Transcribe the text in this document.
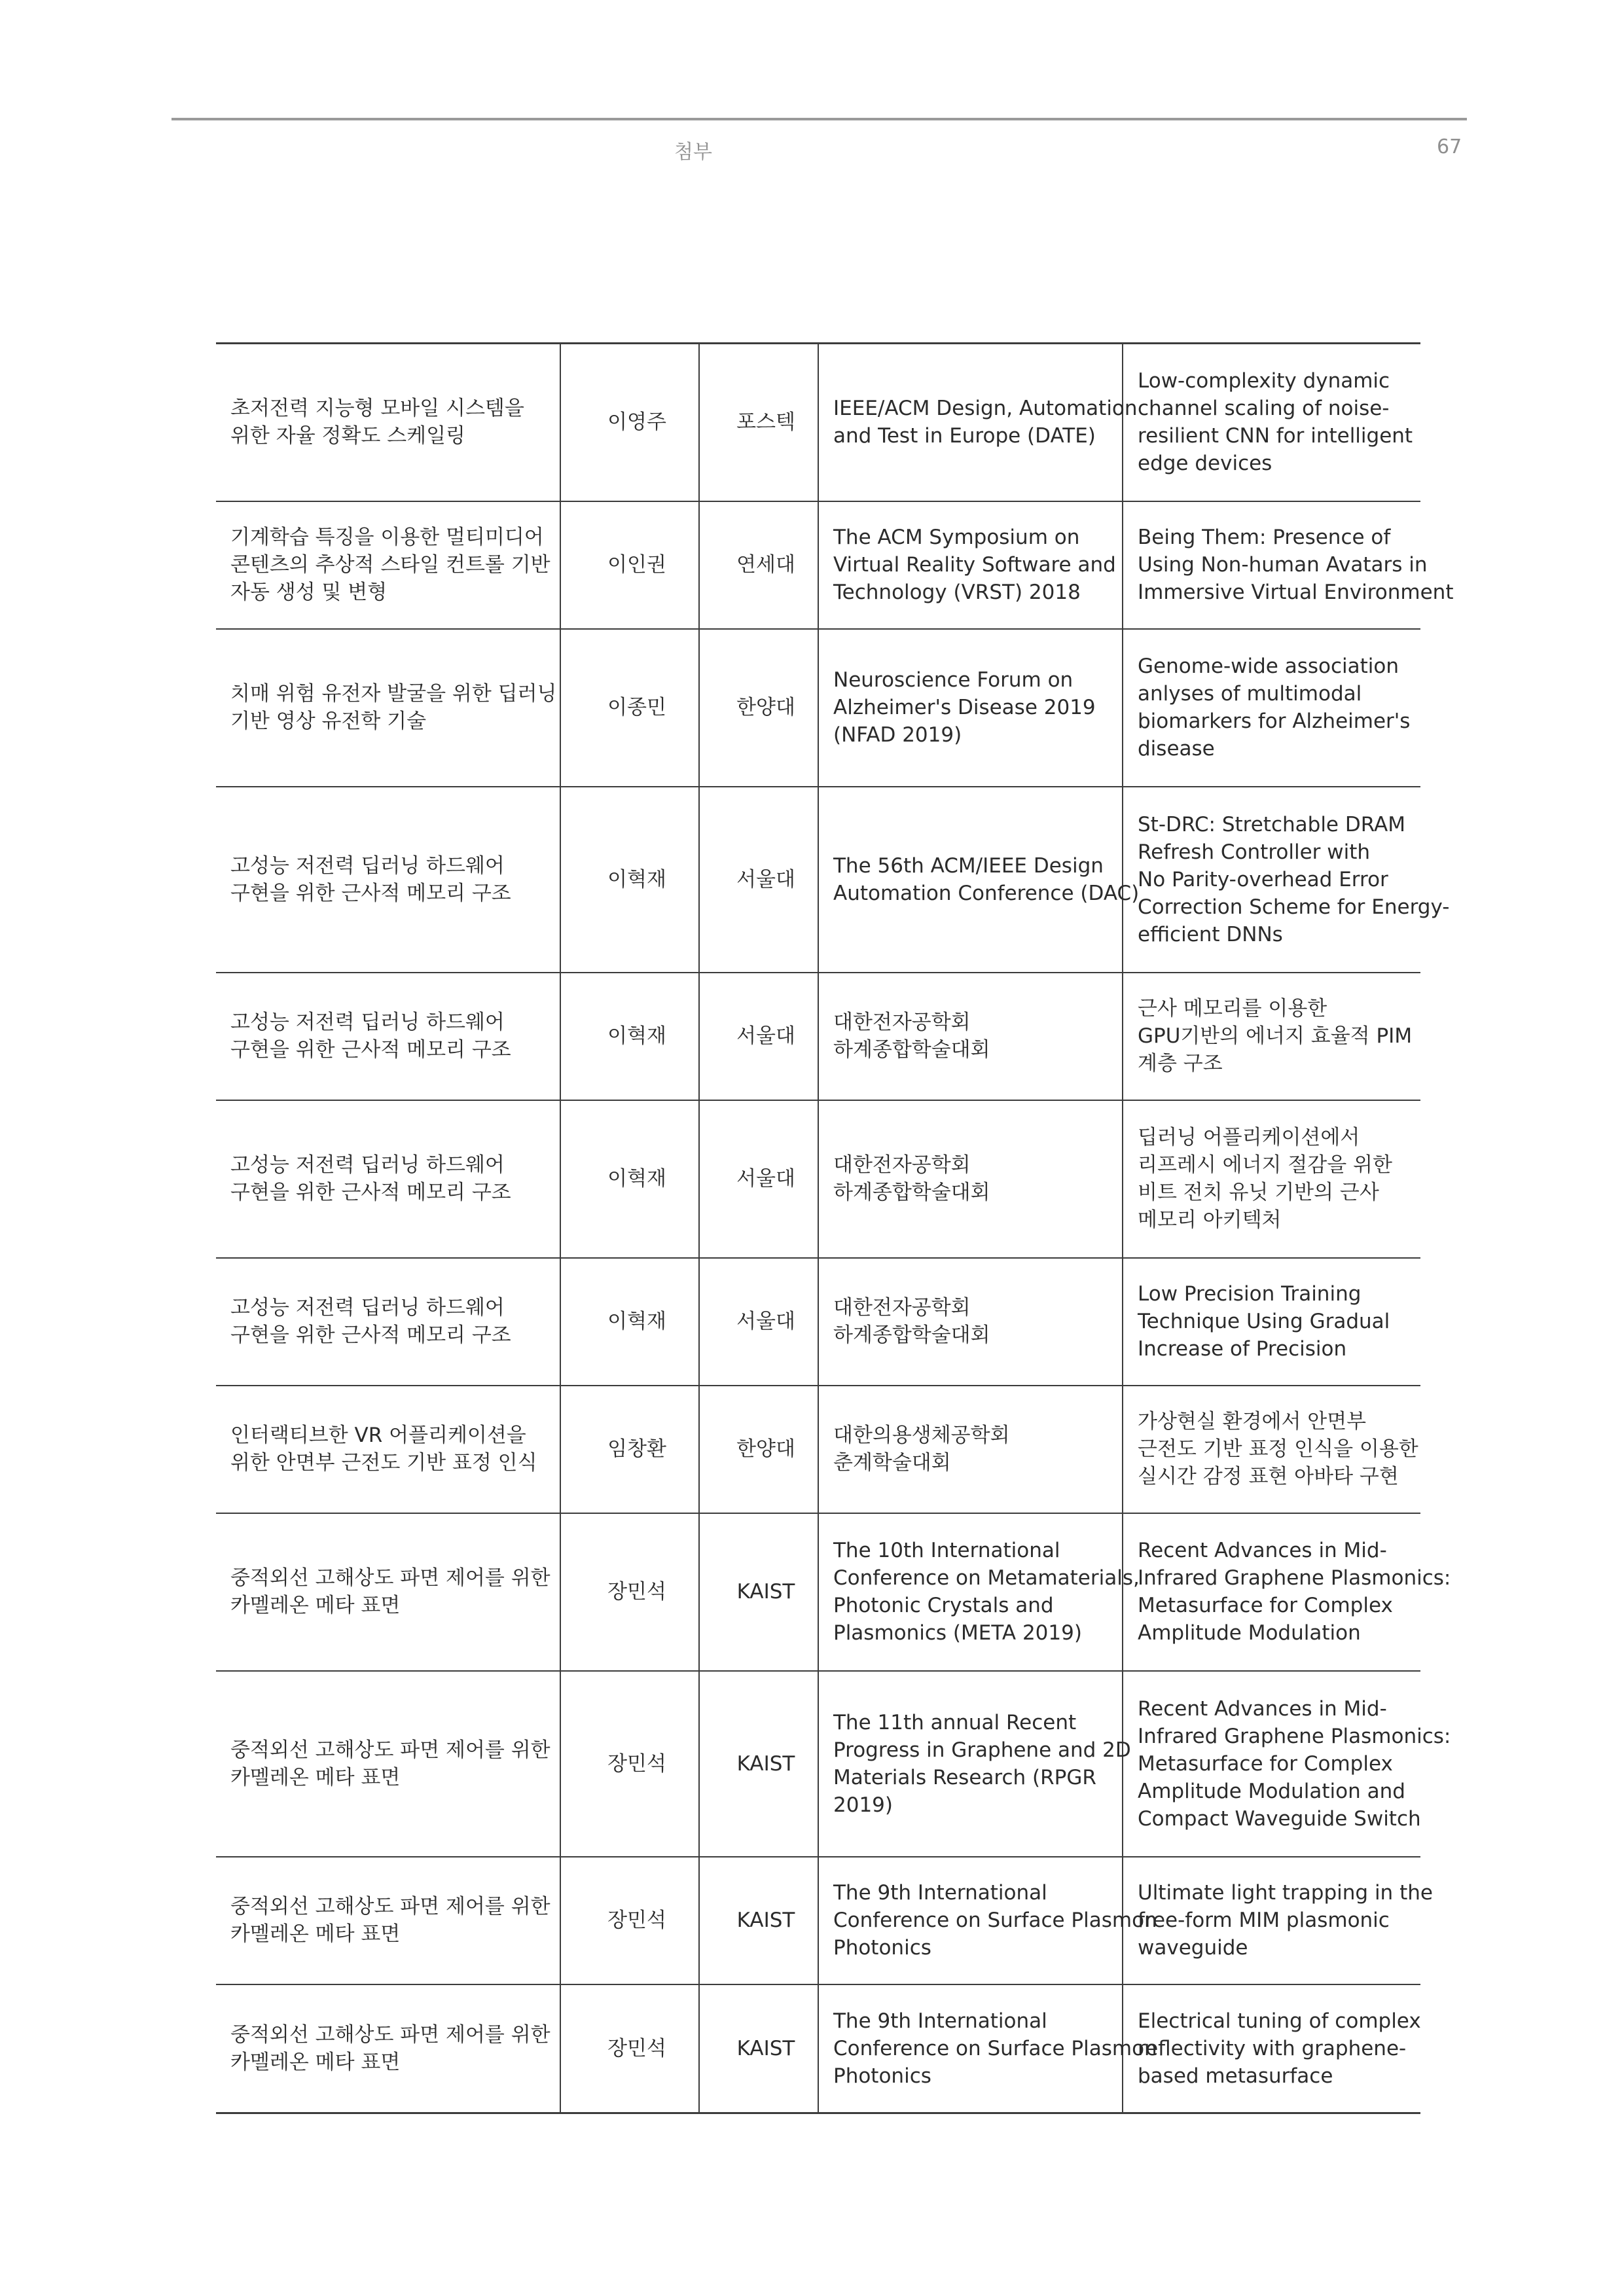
첨부	67
초저전력 지능형 모바일 시스템을
위한 자율 정확도 스케일링	이영주	포스텍	IEEE/ACM Design, Automation
and Test in Europe (DATE)	Low-complexity dynamic
channel scaling of noise-
resilient CNN for intelligent
edge devices

기계학습 특징을 이용한 멀티미디어
콘텐츠의 추상적 스타일 컨트롤 기반
자동 생성 및 변형	이인권	연세대	The ACM Symposium on
Virtual Reality Software and
Technology (VRST) 2018	Being Them: Presence of
Using Non-human Avatars in
Immersive Virtual Environment

치매 위험 유전자 발굴을 위한 딥러닝
기반 영상 유전학 기술	이종민	한양대	Neuroscience Forum on
Alzheimer's Disease 2019
(NFAD 2019)	Genome-wide association
anlyses of multimodal
biomarkers for Alzheimer's
disease

고성능 저전력 딥러닝 하드웨어
구현을 위한 근사적 메모리 구조	이혁재	서울대	The 56th ACM/IEEE Design
Automation Conference (DAC)	St-DRC: Stretchable DRAM
Refresh Controller with
No Parity-overhead Error
Correction Scheme for Energy-
efficient DNNs

고성능 저전력 딥러닝 하드웨어
구현을 위한 근사적 메모리 구조	이혁재	서울대	대한전자공학회
하계종합학술대회	근사 메모리를 이용한
GPU기반의 에너지 효율적 PIM
계층 구조

고성능 저전력 딥러닝 하드웨어
구현을 위한 근사적 메모리 구조	이혁재	서울대	대한전자공학회
하계종합학술대회	딥러닝 어플리케이션에서
리프레시 에너지 절감을 위한
비트 전치 유닛 기반의 근사
메모리 아키텍처

고성능 저전력 딥러닝 하드웨어
구현을 위한 근사적 메모리 구조	이혁재	서울대	대한전자공학회
하계종합학술대회	Low Precision Training
Technique Using Gradual
Increase of Precision

인터랙티브한 VR 어플리케이션을
위한 안면부 근전도 기반 표정 인식	임창환	한양대	대한의용생체공학회
춘계학술대회	가상현실 환경에서 안면부
근전도 기반 표정 인식을 이용한
실시간 감정 표현 아바타 구현

중적외선 고해상도 파면 제어를 위한
카멜레온 메타 표면	장민석	KAIST	The 10th International
Conference on Metamaterials,
Photonic Crystals and
Plasmonics (META 2019)	Recent Advances in Mid-
Infrared Graphene Plasmonics:
Metasurface for Complex
Amplitude Modulation

중적외선 고해상도 파면 제어를 위한
카멜레온 메타 표면	장민석	KAIST	The 11th annual Recent
Progress in Graphene and 2D
Materials Research (RPGR
2019)	Recent Advances in Mid-
Infrared Graphene Plasmonics:
Metasurface for Complex
Amplitude Modulation and
Compact Waveguide Switch

중적외선 고해상도 파면 제어를 위한
카멜레온 메타 표면	장민석	KAIST	The 9th International
Conference on Surface Plasmon
Photonics	Ultimate light trapping in the
free-form MIM plasmonic
waveguide

중적외선 고해상도 파면 제어를 위한
카멜레온 메타 표면	장민석	KAIST	The 9th International
Conference on Surface Plasmon
Photonics	Electrical tuning of complex
reflectivity with graphene-
based metasurface
